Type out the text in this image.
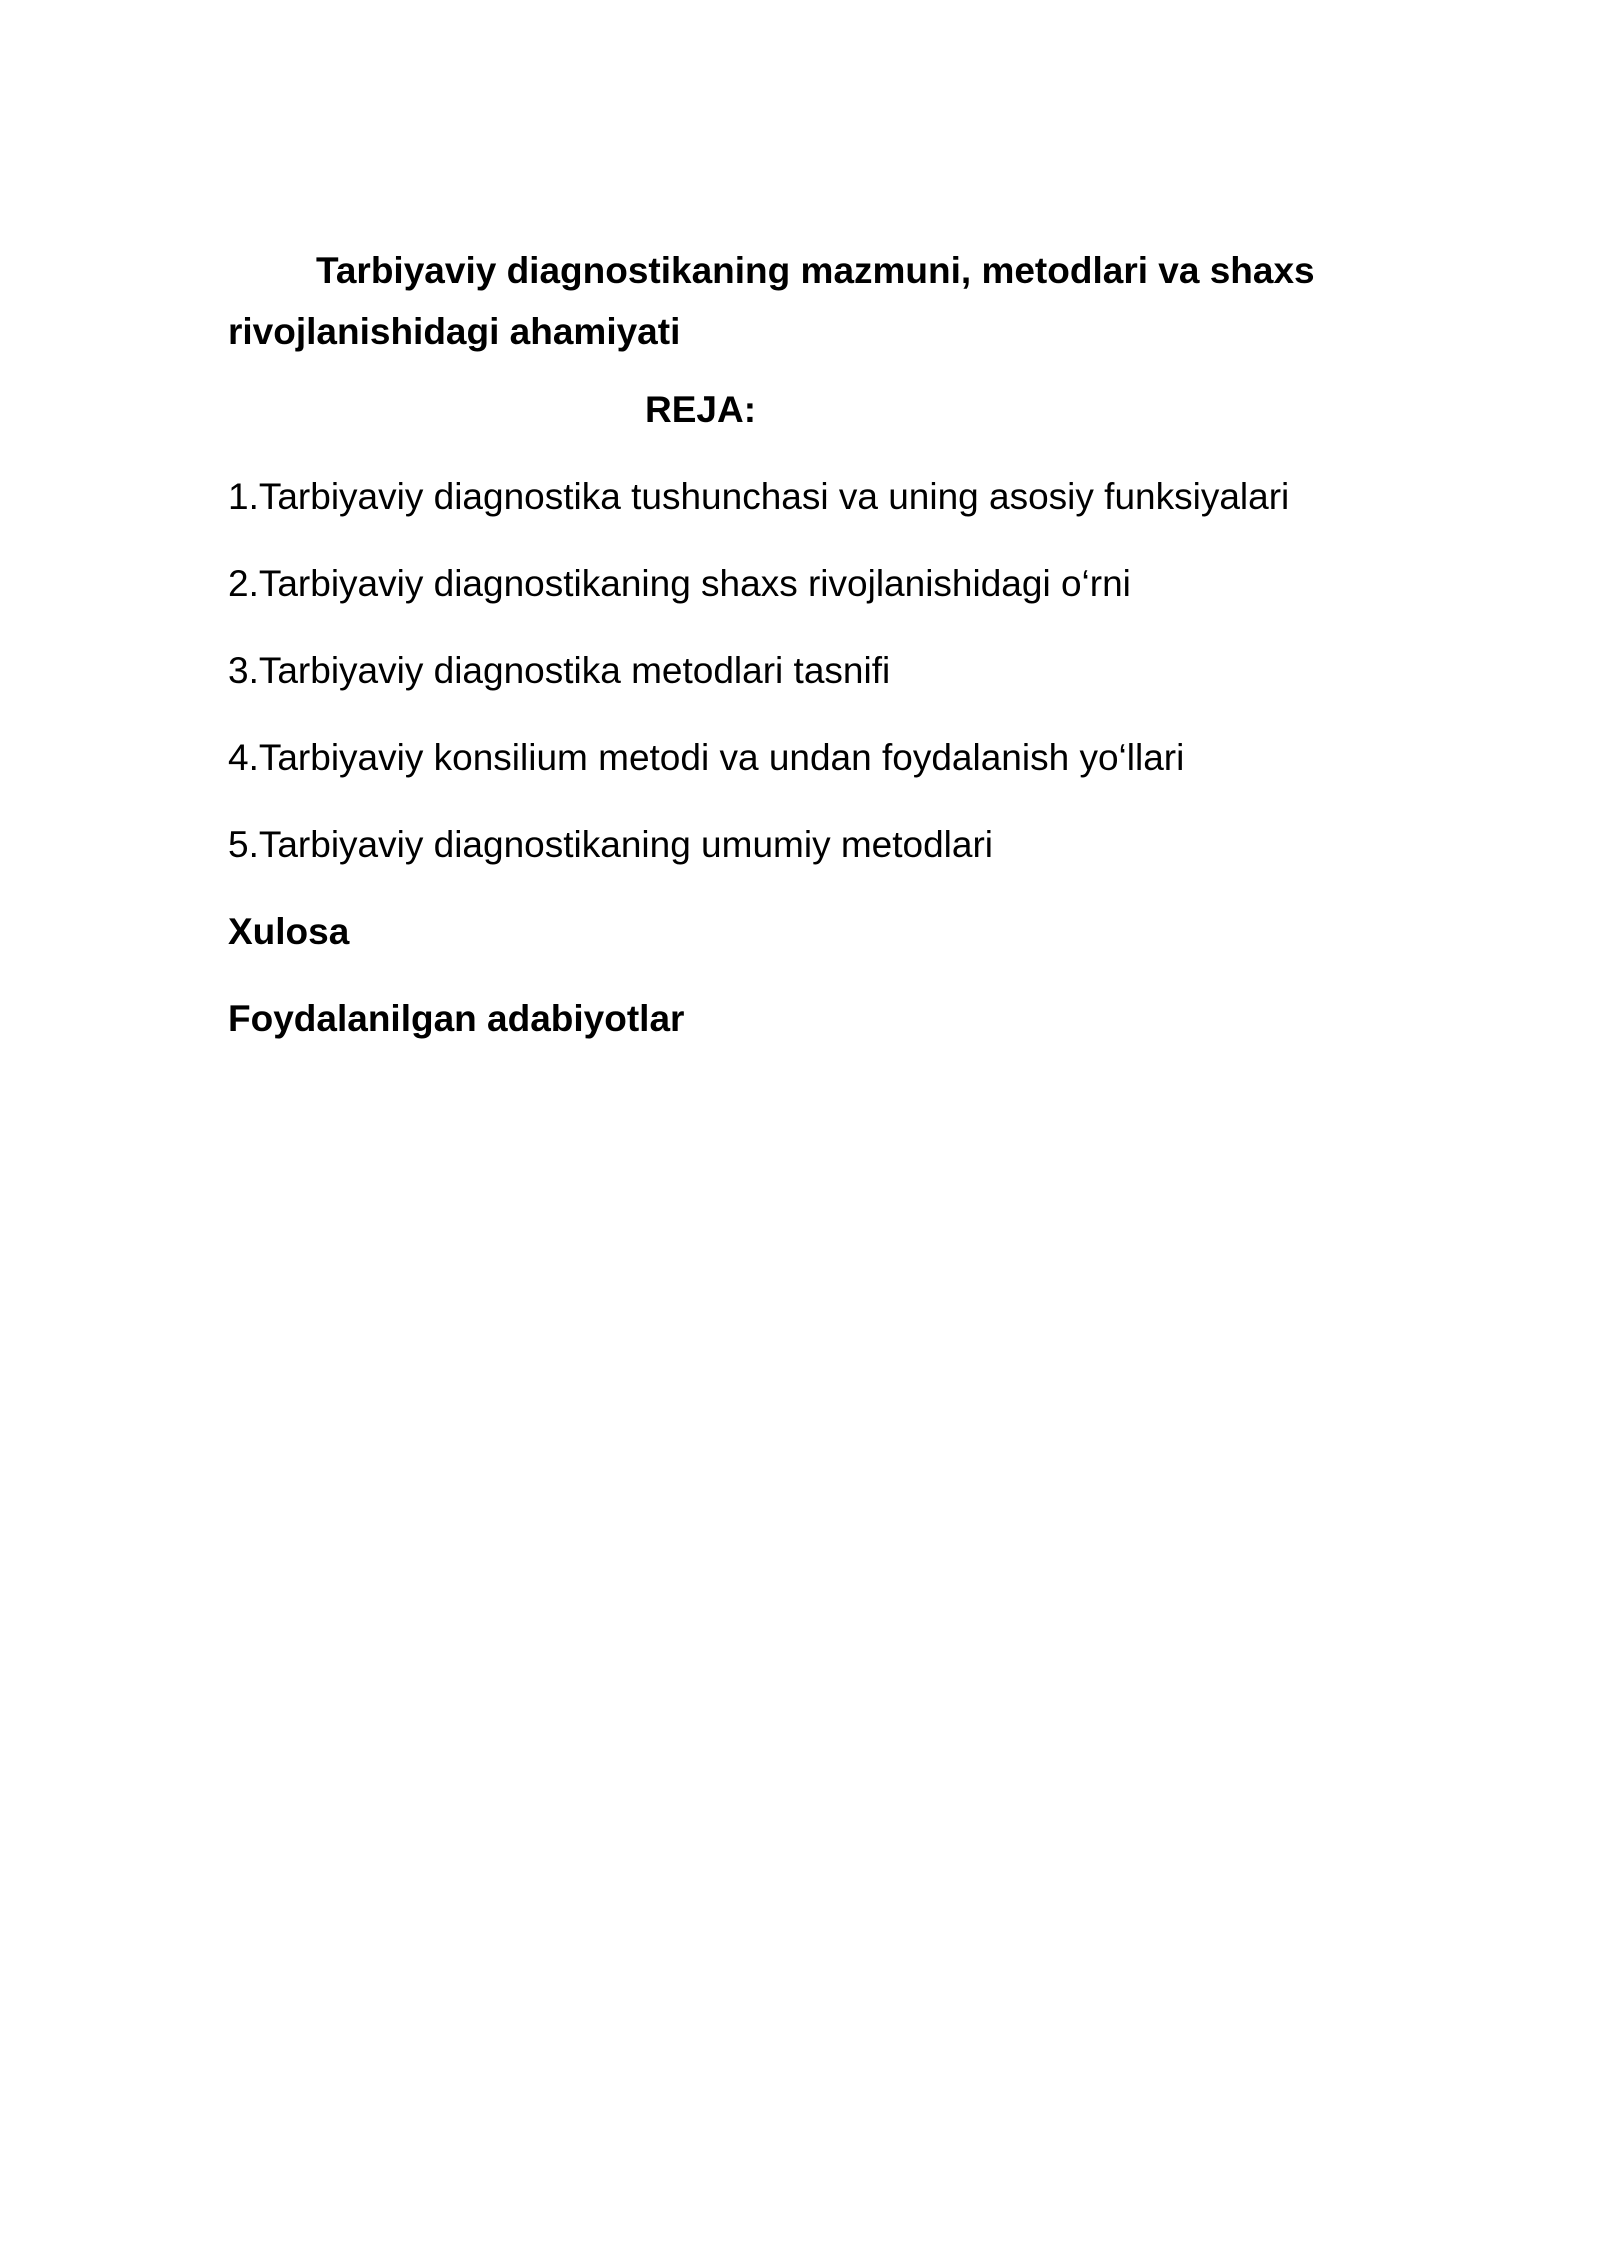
Tarbiyaviy diagnostikaning mazmuni, metodlari va shaxs rivojlanishidagi ahamiyati

REJA:

1.Tarbiyaviy diagnostika tushunchasi va uning asosiy funksiyalari
2.Tarbiyaviy diagnostikaning shaxs rivojlanishidagi o‘rni
3.Tarbiyaviy diagnostika metodlari tasnifi
4.Tarbiyaviy konsilium metodi va undan foydalanish yo‘llari
5.Tarbiyaviy diagnostikaning umumiy metodlari
Xulosa
Foydalanilgan adabiyotlar
